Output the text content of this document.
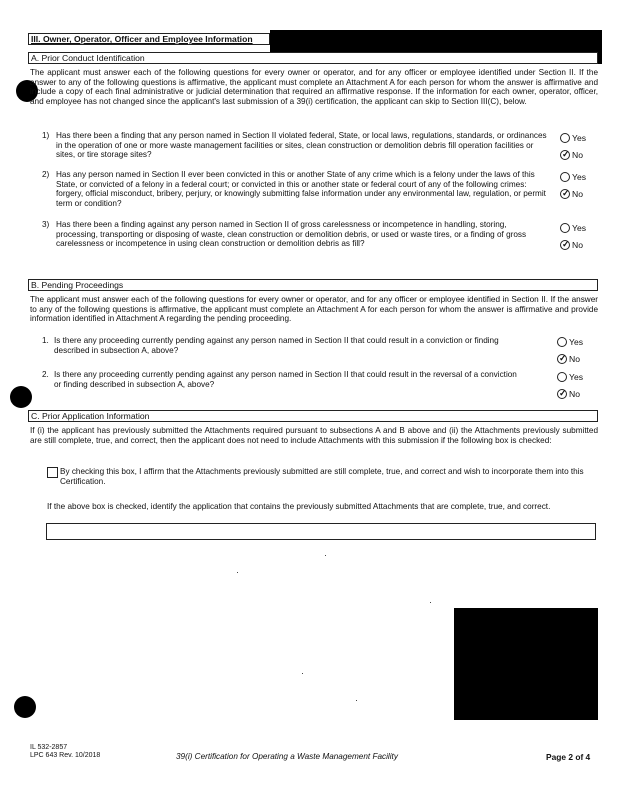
III. Owner, Operator, Officer and Employee Information
A. Prior Conduct Identification
The applicant must answer each of the following questions for every owner or operator, and for any officer or employee identified under Section II. If the answer to any of the following questions is affirmative, the applicant must complete an Attachment A for each person for whom the answer is affirmative and include a copy of each final administrative or judicial determination that required an affirmative response. If the information for each owner, operator, officer, and employee has not changed since the applicant's last submission of a 39(i) certification, the applicant can skip to Section III(C), below.
1) Has there been a finding that any person named in Section II violated federal, State, or local laws, regulations, standards, or ordinances in the operation of one or more waste management facilities or sites, clean construction or demolition debris fill operation facilities or sites, or tire storage sites?
Yes
✓
No
2) Has any person named in Section II ever been convicted in this or another State of any crime which is a felony under the laws of this State, or convicted of a felony in a federal court; or convicted in this or another state or federal court of any of the following crimes: forgery, official misconduct, bribery, perjury, or knowingly submitting false information under any environmental law, regulation, or permit term or condition?
Yes
✓
No
3) Has there been a finding against any person named in Section II of gross carelessness or incompetence in handling, storing, processing, transporting or disposing of waste, clean construction or demolition debris, or used or waste tires, or a finding of gross carelessness or incompetence in using clean construction or demolition debris as fill?
Yes
✓
No
B. Pending Proceedings
The applicant must answer each of the following questions for every owner or operator, and for any officer or employee identified in Section II. If the answer to any of the following questions is affirmative, the applicant must complete an Attachment A for each person for whom the answer is affirmative and provide information identified in Attachment A regarding the pending proceeding.
1. Is there any proceeding currently pending against any person named in Section II that could result in a conviction or finding described in subsection A, above?
Yes
✓
No
2. Is there any proceeding currently pending against any person named in Section II that could result in the reversal of a conviction or finding described in subsection A, above?
Yes
✓
No
C. Prior Application Information
If (i) the applicant has previously submitted the Attachments required pursuant to subsections A and B above and (ii) the Attachments previously submitted are still complete, true, and correct, then the applicant does not need to include Attachments with this submission if the following box is checked:
By checking this box, I affirm that the Attachments previously submitted are still complete, true, and correct and wish to incorporate them into this Certification.
If the above box is checked, identify the application that contains the previously submitted Attachments that are complete, true, and correct.
IL 532-2857
LPC 643 Rev. 10/2018	39(i) Certification for Operating a Waste Management Facility	Page 2 of 4
